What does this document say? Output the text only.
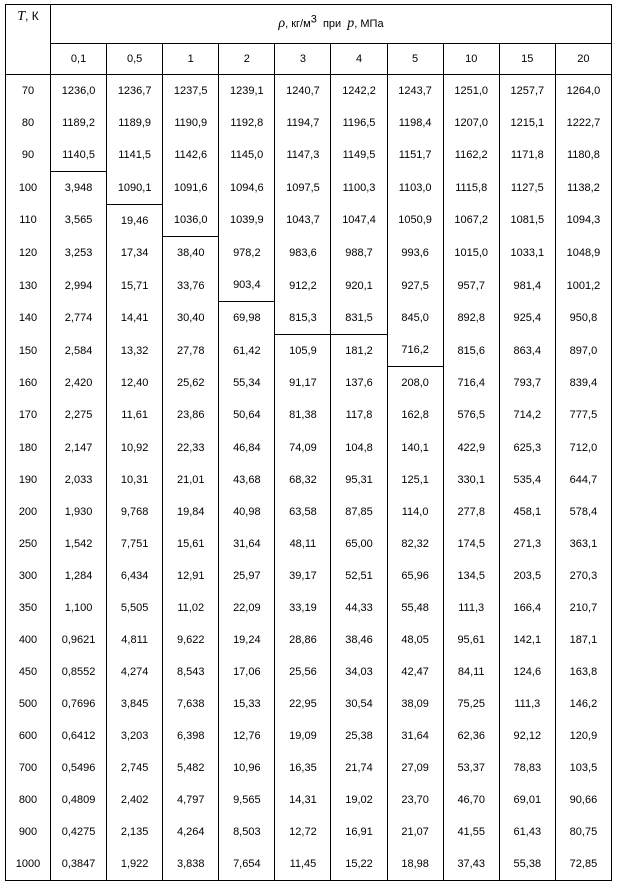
T, К	ρ, кг/м3 при p, МПа									
	0,1	0,5	1	2	3	4	5	10	15	20
70	1236,0	1236,7	1237,5	1239,1	1240,7	1242,2	1243,7	1251,0	1257,7	1264,0
80	1189,2	1189,9	1190,9	1192,8	1194,7	1196,5	1198,4	1207,0	1215,1	1222,7
90	1140,5	1141,5	1142,6	1145,0	1147,3	1149,5	1151,7	1162,2	1171,8	1180,8
100	3,948	1090,1	1091,6	1094,6	1097,5	1100,3	1103,0	1115,8	1127,5	1138,2
110	3,565	19,46	1036,0	1039,9	1043,7	1047,4	1050,9	1067,2	1081,5	1094,3
120	3,253	17,34	38,40	978,2	983,6	988,7	993,6	1015,0	1033,1	1048,9
130	2,994	15,71	33,76	903,4	912,2	920,1	927,5	957,7	981,4	1001,2
140	2,774	14,41	30,40	69,98	815,3	831,5	845,0	892,8	925,4	950,8
150	2,584	13,32	27,78	61,42	105,9	181,2	716,2	815,6	863,4	897,0
160	2,420	12,40	25,62	55,34	91,17	137,6	208,0	716,4	793,7	839,4
170	2,275	11,61	23,86	50,64	81,38	117,8	162,8	576,5	714,2	777,5
180	2,147	10,92	22,33	46,84	74,09	104,8	140,1	422,9	625,3	712,0
190	2,033	10,31	21,01	43,68	68,32	95,31	125,1	330,1	535,4	644,7
200	1,930	9,768	19,84	40,98	63,58	87,85	114,0	277,8	458,1	578,4
250	1,542	7,751	15,61	31,64	48,11	65,00	82,32	174,5	271,3	363,1
300	1,284	6,434	12,91	25,97	39,17	52,51	65,96	134,5	203,5	270,3
350	1,100	5,505	11,02	22,09	33,19	44,33	55,48	111,3	166,4	210,7
400	0,9621	4,811	9,622	19,24	28,86	38,46	48,05	95,61	142,1	187,1
450	0,8552	4,274	8,543	17,06	25,56	34,03	42,47	84,11	124,6	163,8
500	0,7696	3,845	7,638	15,33	22,95	30,54	38,09	75,25	111,3	146,2
600	0,6412	3,203	6,398	12,76	19,09	25,38	31,64	62,36	92,12	120,9
700	0,5496	2,745	5,482	10,96	16,35	21,74	27,09	53,37	78,83	103,5
800	0,4809	2,402	4,797	9,565	14,31	19,02	23,70	46,70	69,01	90,66
900	0,4275	2,135	4,264	8,503	12,72	16,91	21,07	41,55	61,43	80,75
1000	0,3847	1,922	3,838	7,654	11,45	15,22	18,98	37,43	55,38	72,85
